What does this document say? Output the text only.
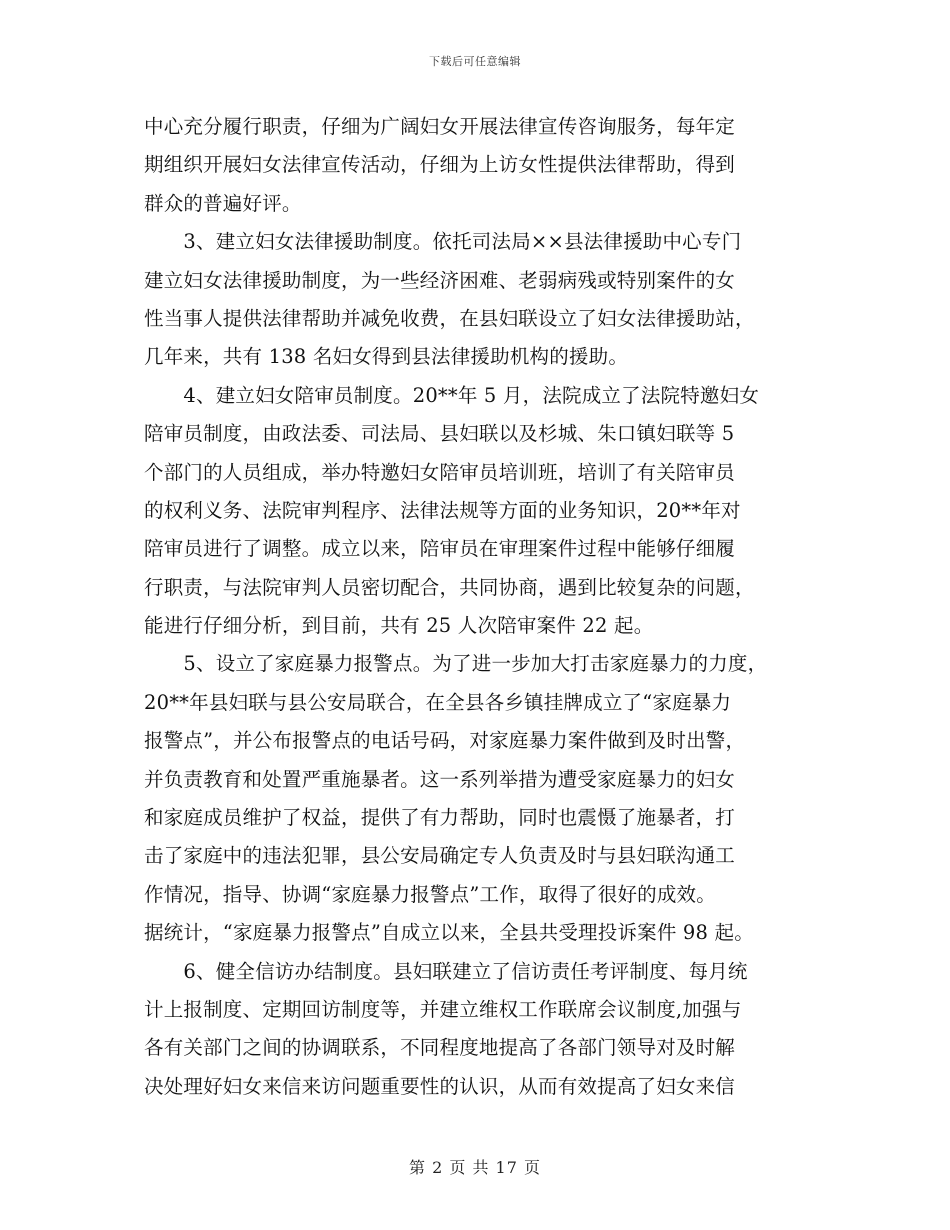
下载后可任意编辑
中心充分履行职责，仔细为广阔妇女开展法律宣传咨询服务，每年定
期组织开展妇女法律宣传活动，仔细为上访女性提供法律帮助，得到
群众的普遍好评。
　　3、建立妇女法律援助制度。依托司法局××县法律援助中心专门
建立妇女法律援助制度，为一些经济困难、老弱病残或特别案件的女
性当事人提供法律帮助并减免收费，在县妇联设立了妇女法律援助站，
几年来，共有 138 名妇女得到县法律援助机构的援助。
　　4、建立妇女陪审员制度。20**年 5 月，法院成立了法院特邀妇女
陪审员制度，由政法委、司法局、县妇联以及杉城、朱口镇妇联等 5
个部门的人员组成，举办特邀妇女陪审员培训班，培训了有关陪审员
的权利义务、法院审判程序、法律法规等方面的业务知识，20**年对
陪审员进行了调整。成立以来，陪审员在审理案件过程中能够仔细履
行职责，与法院审判人员密切配合，共同协商，遇到比较复杂的问题，
能进行仔细分析，到目前，共有 25 人次陪审案件 22 起。
　　5、设立了家庭暴力报警点。为了进一步加大打击家庭暴力的力度，
20**年县妇联与县公安局联合，在全县各乡镇挂牌成立了“家庭暴力
报警点”，并公布报警点的电话号码，对家庭暴力案件做到及时出警，
并负责教育和处置严重施暴者。这一系列举措为遭受家庭暴力的妇女
和家庭成员维护了权益，提供了有力帮助，同时也震慑了施暴者，打
击了家庭中的违法犯罪，县公安局确定专人负责及时与县妇联沟通工
作情况，指导、协调“家庭暴力报警点”工作，取得了很好的成效。
据统计，“家庭暴力报警点”自成立以来，全县共受理投诉案件 98 起。
　　6、健全信访办结制度。县妇联建立了信访责任考评制度、每月统
计上报制度、定期回访制度等，并建立维权工作联席会议制度,加强与
各有关部门之间的协调联系，不同程度地提高了各部门领导对及时解
决处理好妇女来信来访问题重要性的认识，从而有效提高了妇女来信
第 2 页 共 17 页
